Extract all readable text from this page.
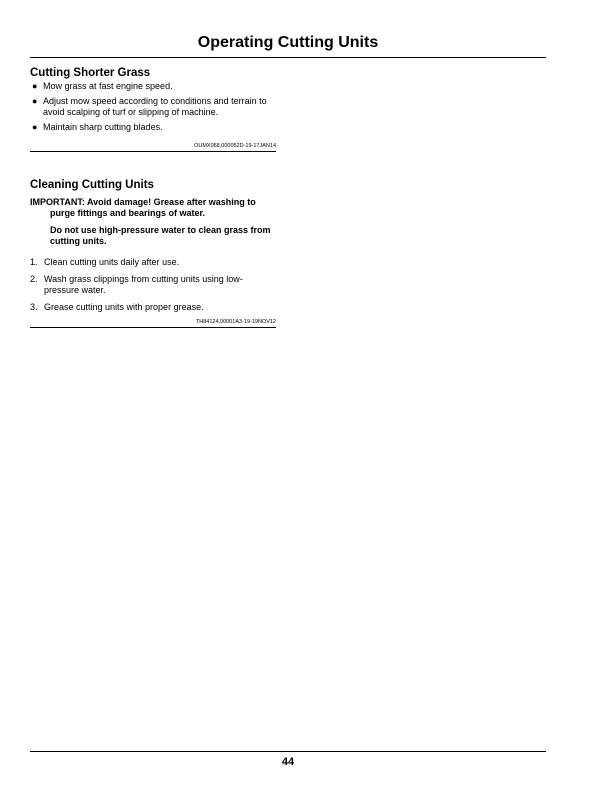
Operating Cutting Units
Cutting Shorter Grass
● Mow grass at fast engine speed.
● Adjust mow speed according to conditions and terrain to avoid scalping of turf or slipping of machine.
● Maintain sharp cutting blades.
OUMX068,000052D-19-17JAN14
Cleaning Cutting Units

IMPORTANT: Avoid damage! Grease after washing to purge fittings and bearings of water.

Do not use high-pressure water to clean grass from cutting units.

1. Clean cutting units daily after use.
2. Wash grass clippings from cutting units using low-pressure water.
3. Grease cutting units with proper grease.
TH84124,00001A3-19-19NOV12
44
